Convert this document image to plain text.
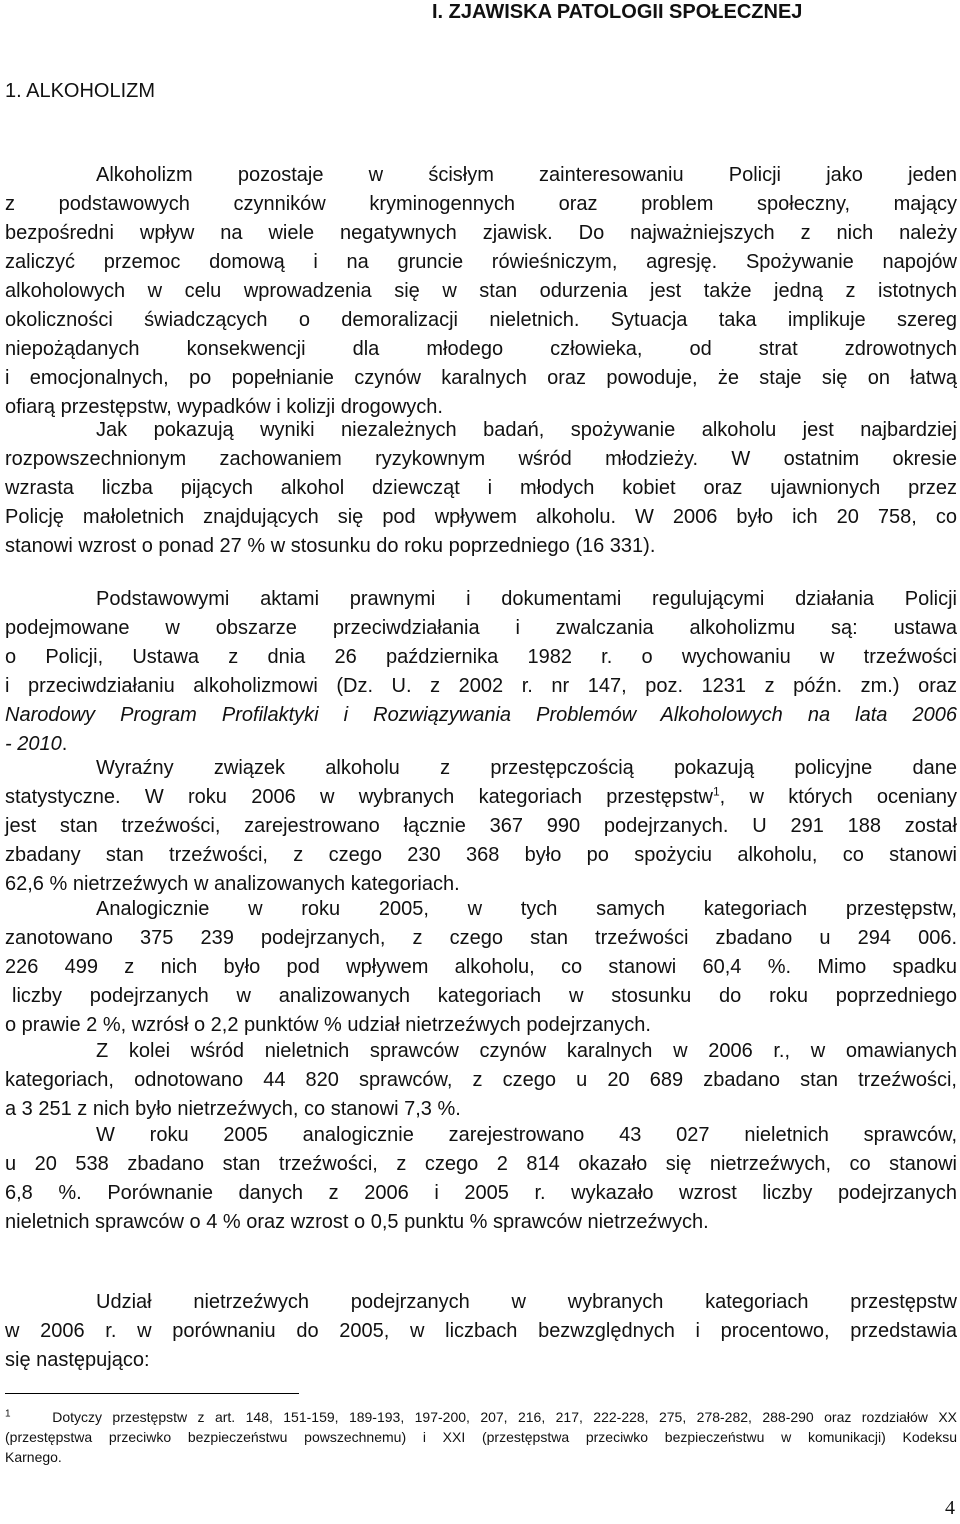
I. ZJAWISKA PATOLOGII SPOŁECZNEJ
1. ALKOHOLIZM
Alkoholizm pozostaje w ścisłym zainteresowaniu Policji jako jeden
z podstawowych czynników kryminogennych oraz problem społeczny, mający
bezpośredni wpływ na wiele negatywnych zjawisk. Do najważniejszych z nich należy
zaliczyć przemoc domową i na gruncie rówieśniczym, agresję. Spożywanie napojów
alkoholowych w celu wprowadzenia się w stan odurzenia jest także jedną z istotnych
okoliczności świadczących o demoralizacji nieletnich. Sytuacja taka implikuje szereg
niepożądanych konsekwencji dla młodego człowieka, od strat zdrowotnych
i emocjonalnych, po popełnianie czynów karalnych oraz powoduje, że staje się on łatwą
ofiarą przestępstw, wypadków i kolizji drogowych.
Jak pokazują wyniki niezależnych badań, spożywanie alkoholu jest najbardziej
rozpowszechnionym zachowaniem ryzykownym wśród młodzieży. W ostatnim okresie
wzrasta liczba pijących alkohol dziewcząt i młodych kobiet oraz ujawnionych przez
Policję małoletnich znajdujących się pod wpływem alkoholu. W 2006 było ich 20 758, co
stanowi wzrost o ponad 27 % w stosunku do roku poprzedniego (16 331).
Podstawowymi aktami prawnymi i dokumentami regulującymi działania Policji
podejmowane w obszarze przeciwdziałania i zwalczania alkoholizmu są: ustawa
o Policji, Ustawa z dnia 26 października 1982 r. o wychowaniu w trzeźwości
i przeciwdziałaniu alkoholizmowi (Dz. U. z 2002 r. nr 147, poz. 1231 z późn. zm.) oraz
Narodowy Program Profilaktyki i Rozwiązywania Problemów Alkoholowych na lata 2006
- 2010.
Wyraźny związek alkoholu z przestępczością pokazują policyjne dane
statystyczne. W roku 2006 w wybranych kategoriach przestępstw$^1$, w których oceniany
jest stan trzeźwości, zarejestrowano łącznie 367 990 podejrzanych. U 291 188 został
zbadany stan trzeźwości, z czego 230 368 było po spożyciu alkoholu, co stanowi
62,6 % nietrzeźwych w analizowanych kategoriach.
Analogicznie w roku 2005, w tych samych kategoriach przestępstw,
zanotowano 375 239 podejrzanych, z czego stan trzeźwości zbadano u 294 006.
226 499 z nich było pod wpływem alkoholu, co stanowi 60,4 %. Mimo spadku
liczby podejrzanych w analizowanych kategoriach w stosunku do roku poprzedniego
o prawie 2 %, wzrósł o 2,2 punktów % udział nietrzeźwych podejrzanych.
Z kolei wśród nieletnich sprawców czynów karalnych w 2006 r., w omawianych
kategoriach, odnotowano 44 820 sprawców, z czego u 20 689 zbadano stan trzeźwości,
a 3 251 z nich było nietrzeźwych, co stanowi 7,3 %.
W roku 2005 analogicznie zarejestrowano 43 027 nieletnich sprawców,
u 20 538 zbadano stan trzeźwości, z czego 2 814 okazało się nietrzeźwych, co stanowi
6,8 %. Porównanie danych z 2006 i 2005 r. wykazało wzrost liczby podejrzanych
nieletnich sprawców o 4 % oraz wzrost o 0,5 punktu % sprawców nietrzeźwych.
Udział nietrzeźwych podejrzanych w wybranych kategoriach przestępstw
w 2006 r. w porównaniu do 2005, w liczbach bezwzględnych i procentowo, przedstawia
się następująco:
$^1$	Dotyczy przestępstw z art. 148, 151-159, 189-193, 197-200, 207, 216, 217, 222-228, 275, 278-282, 288-290 oraz rozdziałów XX
(przestępstwa przeciwko bezpieczeństwu powszechnemu) i XXI (przestępstwa przeciwko bezpieczeństwu w komunikacji) Kodeksu
Karnego.
4
